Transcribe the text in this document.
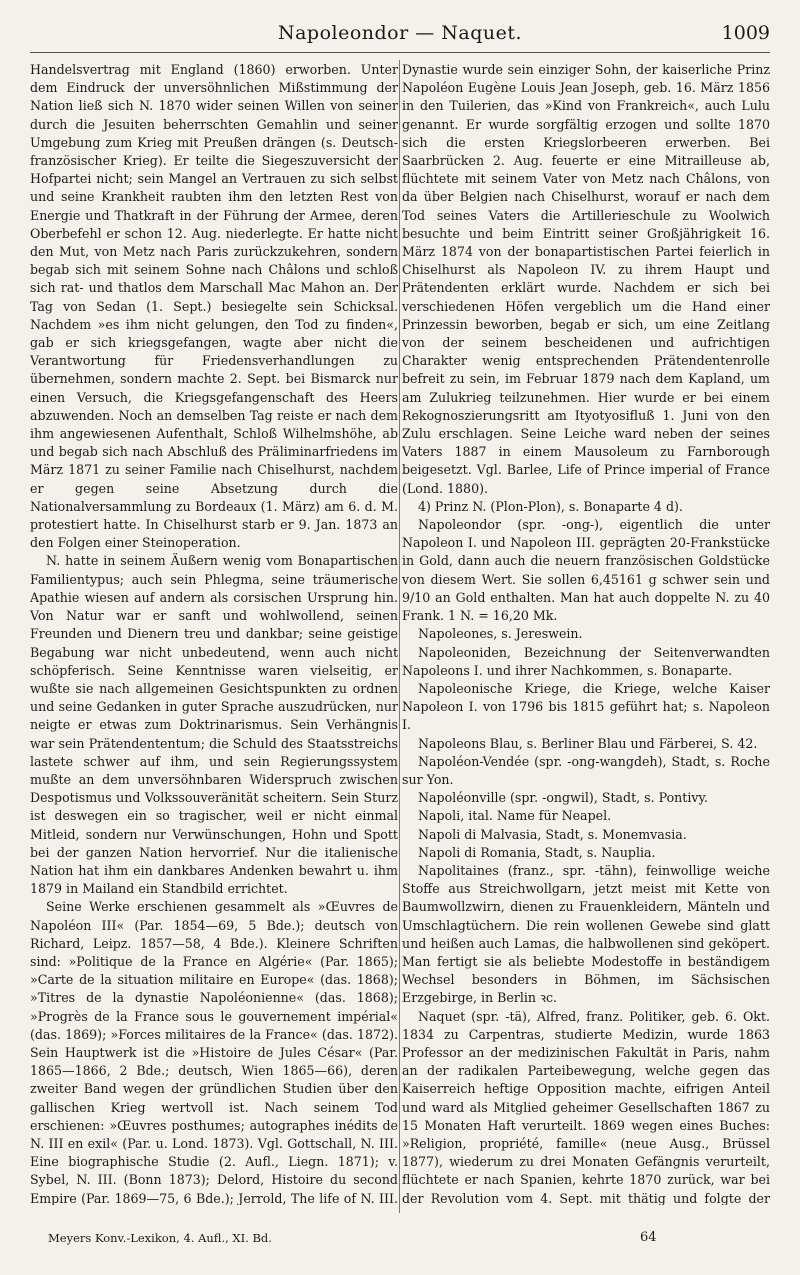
Napoleondor — Naquet.	1009

Handelsvertrag mit England (1860) erworben. Unter dem Eindruck der unversöhnlichen Mißstimmung der Nation ließ sich N. 1870 wider seinen Willen von seiner durch die Jesuiten beherrschten Gemahlin und seiner Umgebung zum Krieg mit Preußen drängen (s. Deutsch-französischer Krieg). Er teilte die Siegeszuversicht der Hofpartei nicht; sein Mangel an Vertrauen zu sich selbst und seine Krankheit raubten ihm den letzten Rest von Energie und Thatkraft in der Führung der Armee, deren Oberbefehl er schon 12. Aug. niederlegte. Er hatte nicht den Mut, von Metz nach Paris zurückzukehren, sondern begab sich mit seinem Sohne nach Châlons und schloß sich rat- und thatlos dem Marschall Mac Mahon an. Der Tag von Sedan (1. Sept.) besiegelte sein Schicksal. Nachdem »es ihm nicht gelungen, den Tod zu finden«, gab er sich kriegsgefangen, wagte aber nicht die Verantwortung für Friedensverhandlungen zu übernehmen, sondern machte 2. Sept. bei Bismarck nur einen Versuch, die Kriegsgefangenschaft des Heers abzuwenden. Noch an demselben Tag reiste er nach dem ihm angewiesenen Aufenthalt, Schloß Wilhelmshöhe, ab und begab sich nach Abschluß des Präliminarfriedens im März 1871 zu seiner Familie nach Chiselhurst, nachdem er gegen seine Absetzung durch die Nationalversammlung zu Bordeaux (1. März) am 6. d. M. protestiert hatte. In Chiselhurst starb er 9. Jan. 1873 an den Folgen einer Steinoperation.

N. hatte in seinem Äußern wenig vom Bonapartischen Familientypus; auch sein Phlegma, seine träumerische Apathie wiesen auf andern als corsischen Ursprung hin. Von Natur war er sanft und wohlwollend, seinen Freunden und Dienern treu und dankbar; seine geistige Begabung war nicht unbedeutend, wenn auch nicht schöpferisch. Seine Kenntnisse waren vielseitig, er wußte sie nach allgemeinen Gesichtspunkten zu ordnen und seine Gedanken in guter Sprache auszudrücken, nur neigte er etwas zum Doktrinarismus. Sein Verhängnis war sein Prätendententum; die Schuld des Staatsstreichs lastete schwer auf ihm, und sein Regierungssystem mußte an dem unversöhnbaren Widerspruch zwischen Despotismus und Volkssouveränität scheitern. Sein Sturz ist deswegen ein so tragischer, weil er nicht einmal Mitleid, sondern nur Verwünschungen, Hohn und Spott bei der ganzen Nation hervorrief. Nur die italienische Nation hat ihm ein dankbares Andenken bewahrt u. ihm 1879 in Mailand ein Standbild errichtet.

Seine Werke erschienen gesammelt als »Œuvres de Napoléon III« (Par. 1854—69, 5 Bde.); deutsch von Richard, Leipz. 1857—58, 4 Bde.). Kleinere Schriften sind: »Politique de la France en Algérie« (Par. 1865); »Carte de la situation militaire en Europe« (das. 1868); »Titres de la dynastie Napoléonienne« (das. 1868); »Progrès de la France sous le gouvernement impérial« (das. 1869); »Forces militaires de la France« (das. 1872). Sein Hauptwerk ist die »Histoire de Jules César« (Par. 1865—1866, 2 Bde.; deutsch, Wien 1865—66), deren zweiter Band wegen der gründlichen Studien über den gallischen Krieg wertvoll ist. Nach seinem Tod erschienen: »Œuvres posthumes; autographes inédits de N. III en exil« (Par. u. Lond. 1873). Vgl. Gottschall, N. III. Eine biographische Studie (2. Aufl., Liegn. 1871); v. Sybel, N. III. (Bonn 1873); Delord, Histoire du second Empire (Par. 1869—75, 6 Bde.); Jerrold, The life of N. III.

Dynastie wurde sein einziger Sohn, der kaiserliche Prinz Napoléon Eugène Louis Jean Joseph, geb. 16. März 1856 in den Tuilerien, das »Kind von Frankreich«, auch Lulu genannt. Er wurde sorgfältig erzogen und sollte 1870 sich die ersten Kriegslorbeeren erwerben. Bei Saarbrücken 2. Aug. feuerte er eine Mitrailleuse ab, flüchtete mit seinem Vater von Metz nach Châlons, von da über Belgien nach Chiselhurst, worauf er nach dem Tod seines Vaters die Artillerieschule zu Woolwich besuchte und beim Eintritt seiner Großjährigkeit 16. März 1874 von der bonapartistischen Partei feierlich in Chiselhurst als Napoleon IV. zu ihrem Haupt und Prätendenten erklärt wurde. Nachdem er sich bei verschiedenen Höfen vergeblich um die Hand einer Prinzessin beworben, begab er sich, um eine Zeitlang von der seinem bescheidenen und aufrichtigen Charakter wenig entsprechenden Prätendentenrolle befreit zu sein, im Februar 1879 nach dem Kapland, um am Zulukrieg teilzunehmen. Hier wurde er bei einem Rekognoszierungsritt am Ityotyosifluß 1. Juni von den Zulu erschlagen. Seine Leiche ward neben der seines Vaters 1887 in einem Mausoleum zu Farnborough beigesetzt. Vgl. Barlee, Life of Prince imperial of France (Lond. 1880).

4) Prinz N. (Plon-Plon), s. Bonaparte 4 d).

Napoleondor (spr. -ong-), eigentlich die unter Napoleon I. und Napoleon III. geprägten 20-Frankstücke in Gold, dann auch die neuern französischen Goldstücke von diesem Wert. Sie sollen 6,45161 g schwer sein und 9/10 an Gold enthalten. Man hat auch doppelte N. zu 40 Frank. 1 N. = 16,20 Mk.

Napoleones, s. Jereswein.

Napoleoniden, Bezeichnung der Seitenverwandten Napoleons I. und ihrer Nachkommen, s. Bonaparte.

Napoleonische Kriege, die Kriege, welche Kaiser Napoleon I. von 1796 bis 1815 geführt hat; s. Napoleon I.

Napoleons Blau, s. Berliner Blau und Färberei, S. 42.

Napoléon-Vendée (spr. -ong-wangdeh), Stadt, s. Roche sur Yon.

Napoléonville (spr. -ongwil), Stadt, s. Pontivy.

Napoli, ital. Name für Neapel.

Napoli di Malvasia, Stadt, s. Monemvasia.

Napoli di Romania, Stadt, s. Nauplia.

Napolitaines (franz., spr. -tähn), feinwollige weiche Stoffe aus Streichwollgarn, jetzt meist mit Kette von Baumwollzwirn, dienen zu Frauenkleidern, Mänteln und Umschlagtüchern. Die rein wollenen Gewebe sind glatt und heißen auch Lamas, die halbwollenen sind geköpert. Man fertigt sie als beliebte Modestoffe in beständigem Wechsel besonders in Böhmen, im Sächsischen Erzgebirge, in Berlin ꝛc.

Naquet (spr. -tä), Alfred, franz. Politiker, geb. 6. Okt. 1834 zu Carpentras, studierte Medizin, wurde 1863 Professor an der medizinischen Fakultät in Paris, nahm an der radikalen Parteibewegung, welche gegen das Kaiserreich heftige Opposition machte, eifrigen Anteil und ward als Mitglied geheimer Gesellschaften 1867 zu 15 Monaten Haft verurteilt. 1869 wegen eines Buches: »Religion, propriété, famille« (neue Ausg., Brüssel 1877), wiederum zu drei Monaten Gefängnis verurteilt, flüchtete er nach Spanien, kehrte 1870 zurück, war bei der Revolution vom 4. Sept. mit thätig und folgte der

Meyers Konv.-Lexikon, 4. Aufl., XI. Bd.	64
